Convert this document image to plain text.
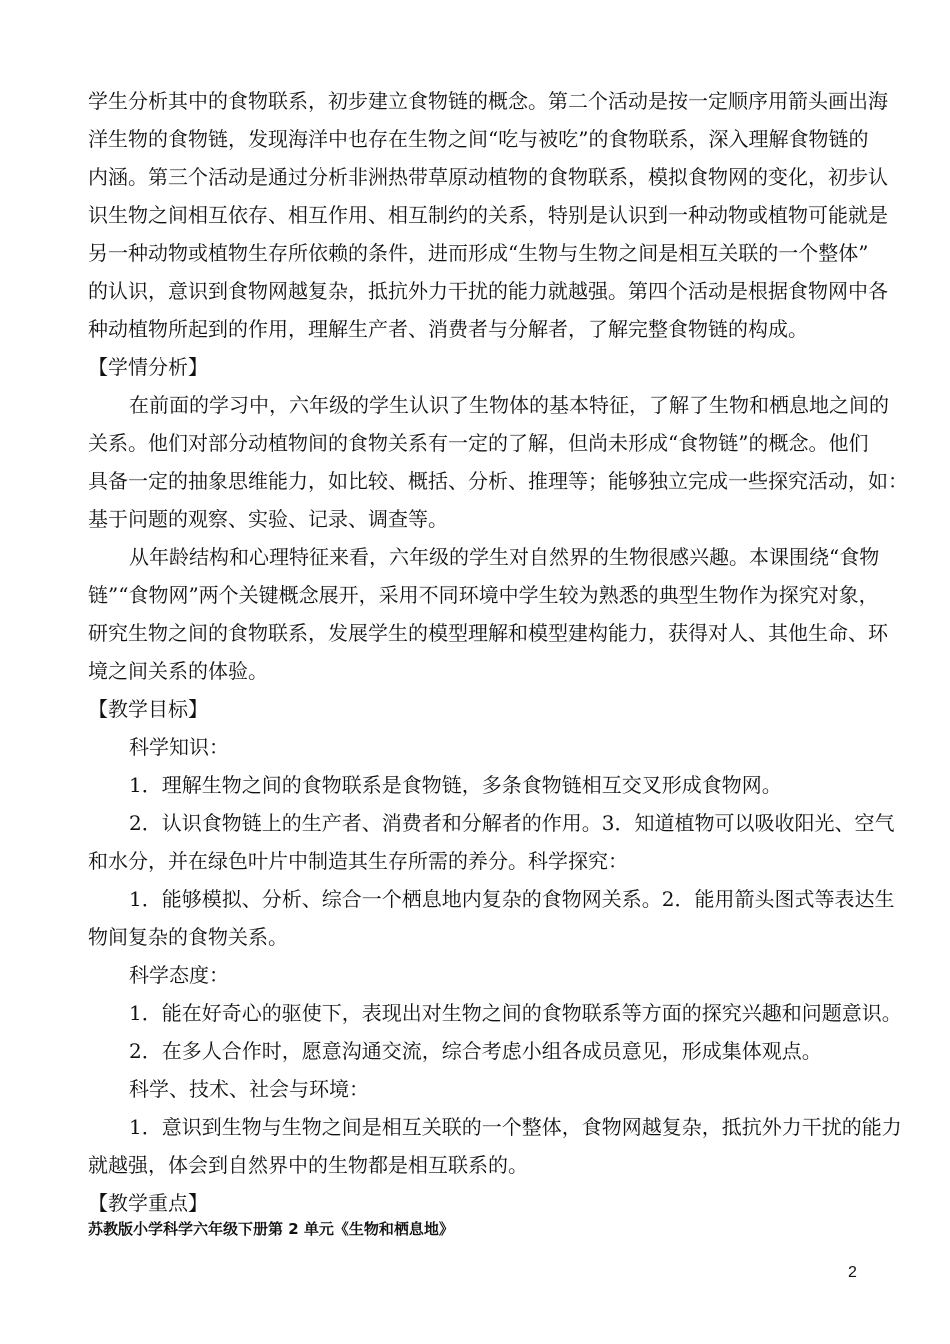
学生分析其中的食物联系，初步建立食物链的概念。第二个活动是按一定顺序用箭头画出海
洋生物的食物链，发现海洋中也存在生物之间“吃与被吃”的食物联系，深入理解食物链的
内涵。第三个活动是通过分析非洲热带草原动植物的食物联系，模拟食物网的变化，初步认
识生物之间相互依存、相互作用、相互制约的关系，特别是认识到一种动物或植物可能就是
另一种动物或植物生存所依赖的条件，进而形成“生物与生物之间是相互关联的一个整体”
的认识，意识到食物网越复杂，抵抗外力干扰的能力就越强。第四个活动是根据食物网中各
种动植物所起到的作用，理解生产者、消费者与分解者，了解完整食物链的构成。
【学情分析】
在前面的学习中，六年级的学生认识了生物体的基本特征，了解了生物和栖息地之间的
关系。他们对部分动植物间的食物关系有一定的了解，但尚未形成“食物链”的概念。他们
具备一定的抽象思维能力，如比较、概括、分析、推理等；能够独立完成一些探究活动，如：
基于问题的观察、实验、记录、调查等。
从年龄结构和心理特征来看，六年级的学生对自然界的生物很感兴趣。本课围绕“食物
链”“食物网”两个关键概念展开，采用不同环境中学生较为熟悉的典型生物作为探究对象，
研究生物之间的食物联系，发展学生的模型理解和模型建构能力，获得对人、其他生命、环
境之间关系的体验。
【教学目标】
科学知识：
1．理解生物之间的食物联系是食物链，多条食物链相互交叉形成食物网。
2．认识食物链上的生产者、消费者和分解者的作用。3．知道植物可以吸收阳光、空气
和水分，并在绿色叶片中制造其生存所需的养分。科学探究：
1．能够模拟、分析、综合一个栖息地内复杂的食物网关系。2．能用箭头图式等表达生
物间复杂的食物关系。
科学态度：
1．能在好奇心的驱使下，表现出对生物之间的食物联系等方面的探究兴趣和问题意识。
2．在多人合作时，愿意沟通交流，综合考虑小组各成员意见，形成集体观点。
科学、技术、社会与环境：
1．意识到生物与生物之间是相互关联的一个整体，食物网越复杂，抵抗外力干扰的能力
就越强，体会到自然界中的生物都是相互联系的。
【教学重点】
苏教版小学科学六年级下册第 2 单元《生物和栖息地》
2
